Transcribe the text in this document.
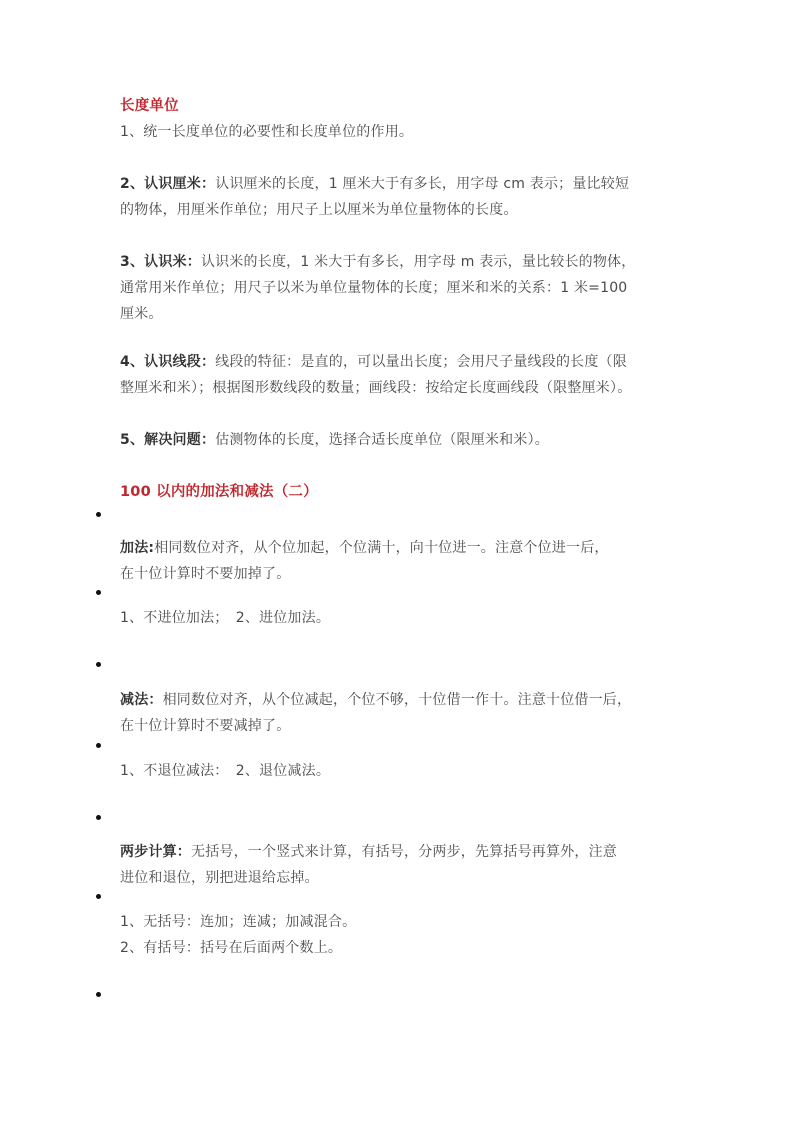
长度单位
1、统一长度单位的必要性和长度单位的作用。
2、认识厘米：认识厘米的长度，1 厘米大于有多长，用字母 cm 表示；量比较短
的物体，用厘米作单位；用尺子上以厘米为单位量物体的长度。
3、认识米：认识米的长度，1 米大于有多长，用字母 m 表示，量比较长的物体，
通常用米作单位；用尺子以米为单位量物体的长度；厘米和米的关系：1 米=100
厘米。
4、认识线段：线段的特征：是直的，可以量出长度；会用尺子量线段的长度（限
整厘米和米）；根据图形数线段的数量；画线段：按给定长度画线段（限整厘米）。
5、解决问题：估测物体的长度，选择合适长度单位（限厘米和米）。
100 以内的加法和减法（二）
加法:相同数位对齐，从个位加起，个位满十，向十位进一。注意个位进一后，
在十位计算时不要加掉了。
1、不进位加法；　2、进位加法。
减法：相同数位对齐，从个位减起，个位不够，十位借一作十。注意十位借一后，
在十位计算时不要减掉了。
1、不退位减法：　2、退位减法。
两步计算：无括号，一个竖式来计算，有括号，分两步，先算括号再算外，注意
进位和退位，别把进退给忘掉。
1、无括号：连加；连减；加减混合。
2、有括号：括号在后面两个数上。
